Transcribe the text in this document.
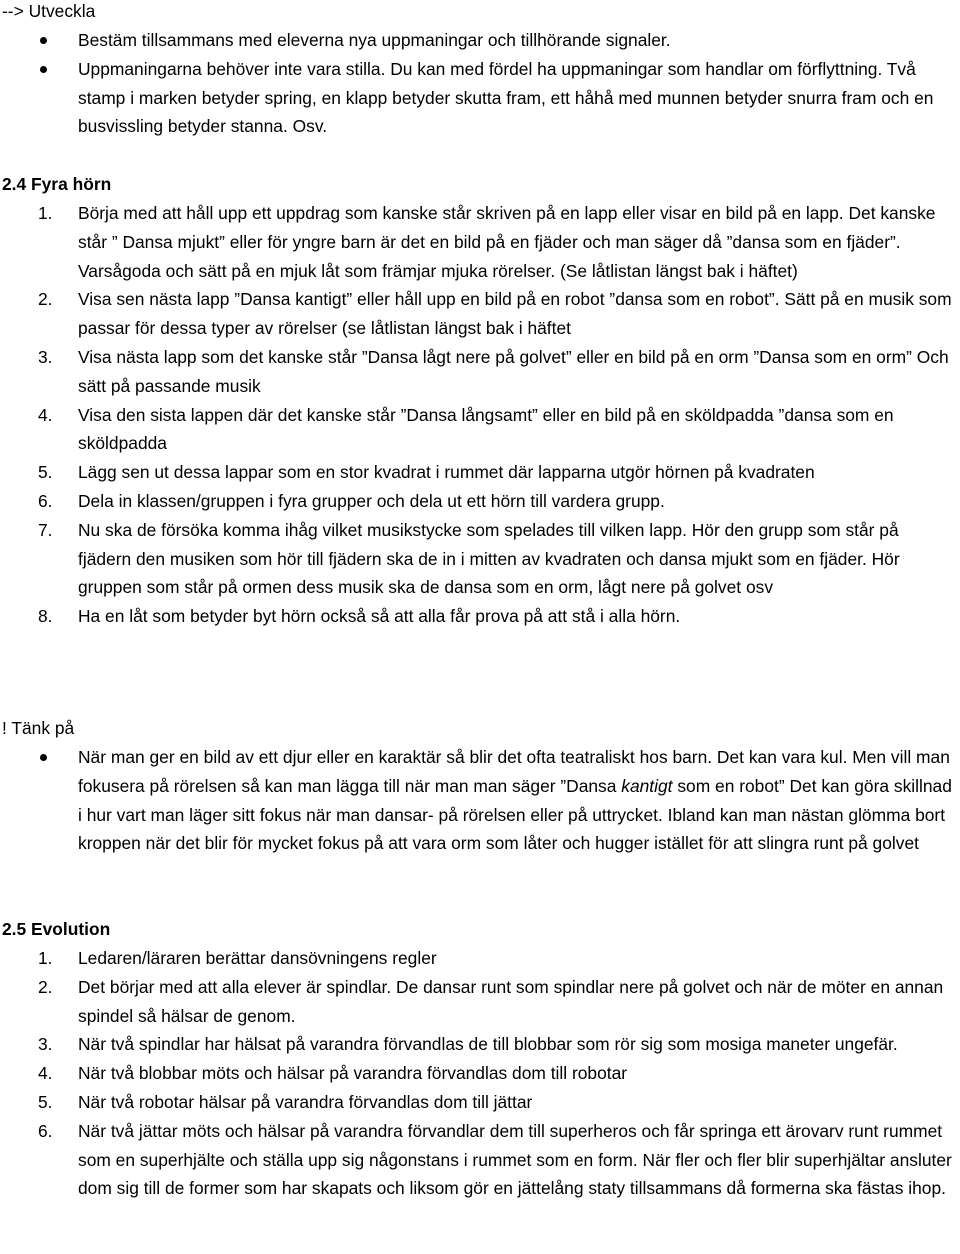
--> Utveckla
Bestäm tillsammans med eleverna nya uppmaningar och tillhörande signaler.
Uppmaningarna behöver inte vara stilla. Du kan med fördel ha uppmaningar som handlar om förflyttning. Två stamp i marken betyder spring, en klapp betyder skutta fram, ett håhå med munnen betyder snurra fram och en busvissling betyder stanna. Osv.
2.4 Fyra hörn
1. Börja med att håll upp ett uppdrag som kanske står skriven på en lapp eller visar en bild på en lapp. Det kanske står ” Dansa mjukt” eller för yngre barn är det en bild på en fjäder och man säger då ”dansa som en fjäder”. Varsågoda och sätt på en mjuk låt som främjar mjuka rörelser. (Se låtlistan längst bak i häftet)
2. Visa sen nästa lapp ”Dansa kantigt” eller håll upp en bild på en robot ”dansa som en robot”. Sätt på en musik som passar för dessa typer av rörelser (se låtlistan längst bak i häftet
3. Visa nästa lapp som det kanske står ”Dansa lågt nere på golvet” eller en bild på en orm ”Dansa som en orm” Och sätt på passande musik
4. Visa den sista lappen där det kanske står ”Dansa långsamt” eller en bild på en sköldpadda ”dansa som en sköldpadda
5. Lägg sen ut dessa lappar som en stor kvadrat i rummet där lapparna utgör hörnen på kvadraten
6. Dela in klassen/gruppen i fyra grupper och dela ut ett hörn till vardera grupp.
7. Nu ska de försöka komma ihåg vilket musikstycke som spelades till vilken lapp. Hör den grupp som står på fjädern den musiken som hör till fjädern ska de in i mitten av kvadraten och dansa mjukt som en fjäder. Hör gruppen som står på ormen dess musik ska de dansa som en orm, lågt nere på golvet osv
8. Ha en låt som betyder byt hörn också så att alla får prova på att stå i alla hörn.
! Tänk på
När man ger en bild av ett djur eller en karaktär så blir det ofta teatraliskt hos barn. Det kan vara kul. Men vill man fokusera på rörelsen så kan man lägga till när man man säger ”Dansa kantigt som en robot” Det kan göra skillnad i hur vart man läger sitt fokus när man dansar- på rörelsen eller på uttrycket. Ibland kan man nästan glömma bort kroppen när det blir för mycket fokus på att vara orm som låter och hugger istället för att slingra runt på golvet
2.5 Evolution
1. Ledaren/läraren berättar dansövningens regler
2. Det börjar med att alla elever är spindlar. De dansar runt som spindlar nere på golvet och när de möter en annan spindel så hälsar de genom.
3. När två spindlar har hälsat på varandra förvandlas de till blobbar som rör sig som mosiga maneter ungefär.
4. När två blobbar möts och hälsar på varandra förvandlas dom till robotar
5. När två robotar hälsar på varandra förvandlas dom till jättar
6. När två jättar möts och hälsar på varandra förvandlar dem till superheros och får springa ett ärovarv runt rummet som en superhjälte och ställa upp sig någonstans i rummet som en form. När fler och fler blir superhjältar ansluter dom sig till de former som har skapats och liksom gör en jättelång staty tillsammans då formerna ska fästas ihop.
